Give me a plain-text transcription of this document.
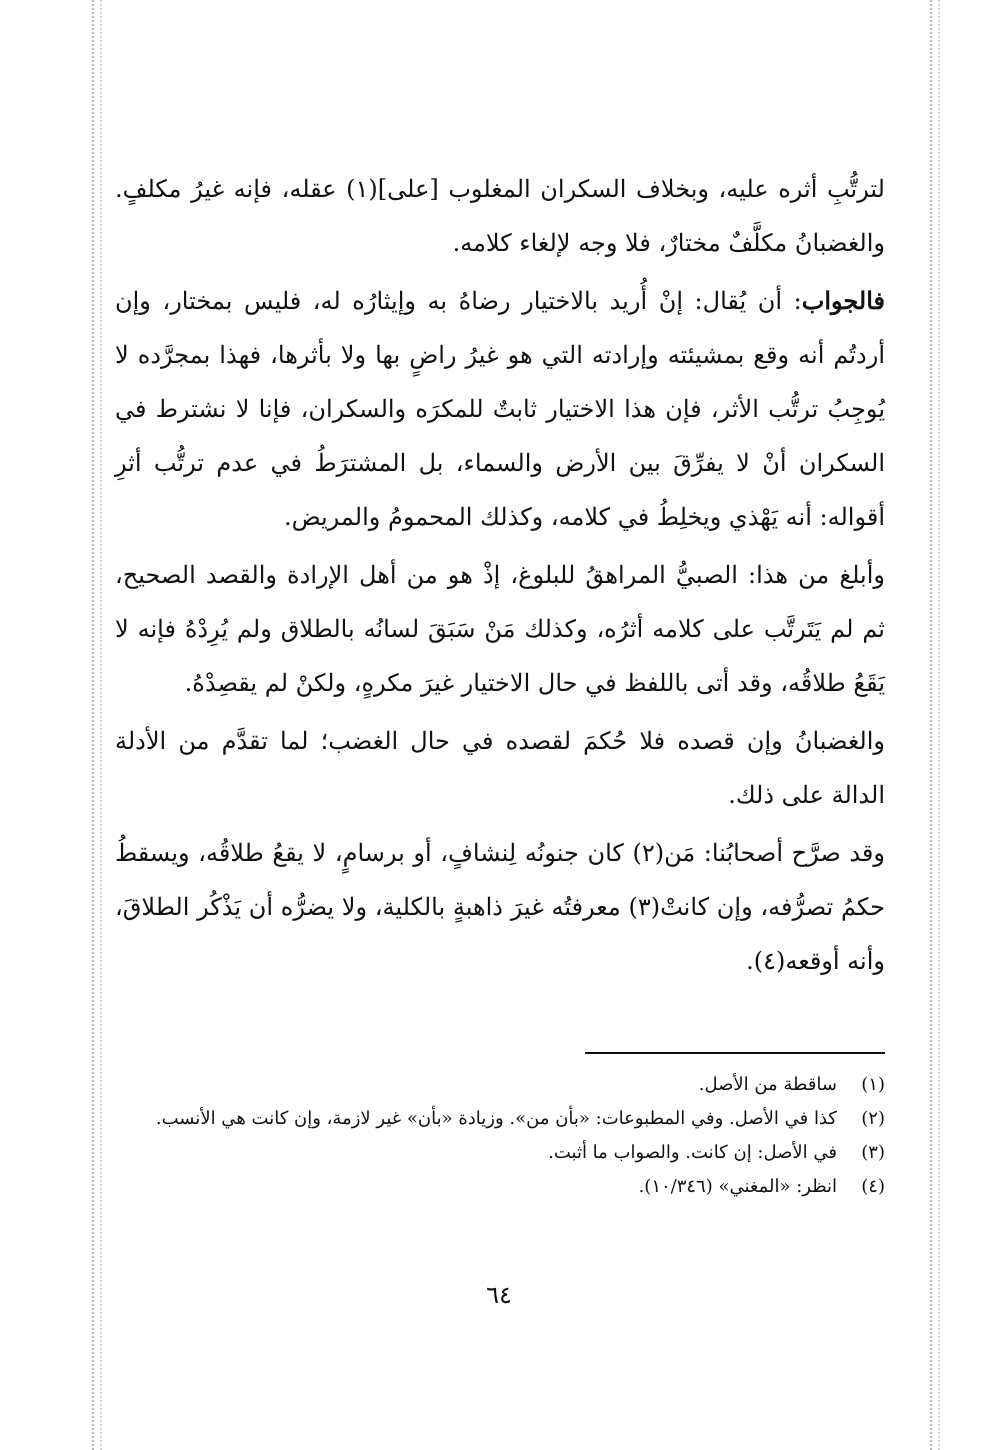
لترتُّبِ أثره عليه، وبخلاف السكران المغلوب [على](١) عقله، فإنه غيرُ مكلفٍ. والغضبانُ مكلَّفٌ مختارٌ، فلا وجه لإلغاء كلامه.

فالجواب: أن يُقال: إنْ أُريد بالاختيار رضاهُ به وإيثارُه له، فليس بمختار، وإن أردتُم أنه وقع بمشيئته وإرادته التي هو غيرُ راضٍ بها ولا بأثرها، فهذا بمجرَّده لا يُوجِبُ ترتُّب الأثر، فإن هذا الاختيار ثابتٌ للمكرَه والسكران، فإنا لا نشترط في السكران أنْ لا يفرِّقَ بين الأرض والسماء، بل المشترَطُ في عدم ترتُّب أثرِ أقواله: أنه يَهْذي ويخلِطُ في كلامه، وكذلك المحمومُ والمريض.

وأبلغ من هذا: الصبيُّ المراهقُ للبلوغ، إذْ هو من أهل الإرادة والقصد الصحيح، ثم لم يَتَرتَّب على كلامه أثرُه، وكذلك مَنْ سَبَقَ لسانُه بالطلاق ولم يُرِدْهُ فإنه لا يَقَعُ طلاقُه، وقد أتى باللفظ في حال الاختيار غيرَ مكرهٍ، ولكنْ لم يقصِدْهُ.

والغضبانُ وإن قصده فلا حُكمَ لقصده في حال الغضب؛ لما تقدَّم من الأدلة الدالة على ذلك.

وقد صرَّح أصحابُنا: مَن(٢) كان جنونُه لِنشافٍ، أو برسامٍ، لا يقعُ طلاقُه، ويسقطُ حكمُ تصرُّفه، وإن كانتْ(٣) معرفتُه غيرَ ذاهبةٍ بالكلية، ولا يضرُّه أن يَذْكُر الطلاقَ، وأنه أوقعه(٤).

(١)
ساقطة من الأصل.
(٢)
كذا في الأصل. وفي المطبوعات: «بأن من». وزيادة «بأن» غير لازمة، وإن كانت هي الأنسب.
(٣)
في الأصل: إن كانت. والصواب ما أثبت.
(٤)
انظر: «المغني» (١٠/٣٤٦).
٦٤
